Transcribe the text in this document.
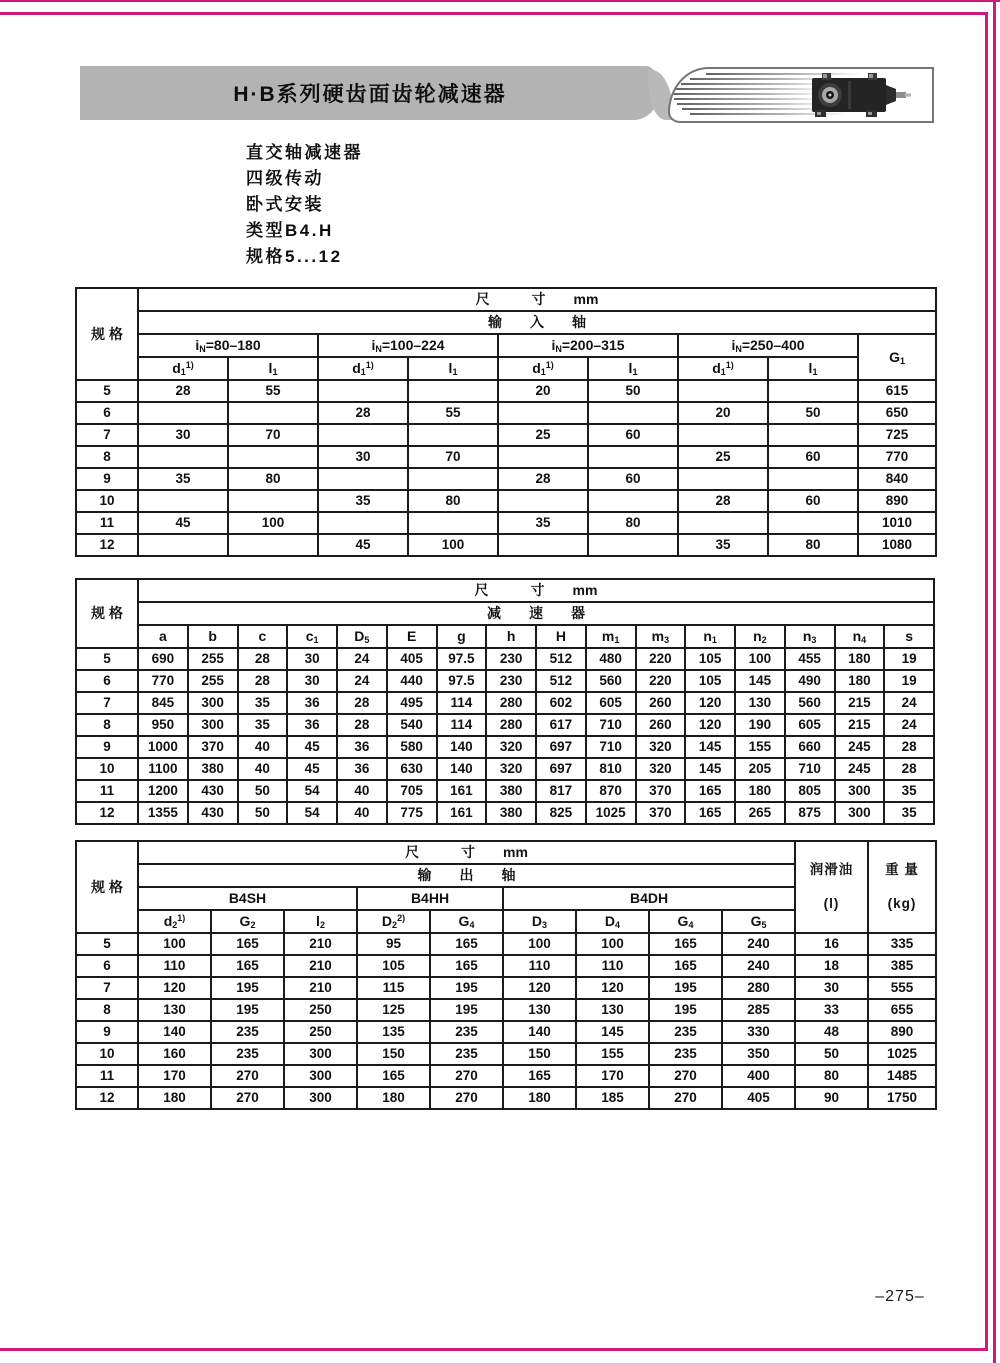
H·B系列硬齿面齿轮减速器
直交轴减速器
四级传动
卧式安装
类型B4.H
规格5...12
规 格	尺　　　寸　　mm								
	输　　入　　轴								
	$i_N=80-180$		$i_N=100-224$		$i_N=200-315$		$i_N=250-400$		$G_1$
	$d_1^{1)}$	$l_1$	$d_1^{1)}$	$l_1$	$d_1^{1)}$	$l_1$	$d_1^{1)}$	$l_1$
5	28	55			20	50			615
6			28	55			20	50	650
7	30	70			25	60			725
8			30	70			25	60	770
9	35	80			28	60			840
10			35	80			28	60	890
11	45	100			35	80			1010
12			45	100			35	80	1080
规 格	尺　　　寸　　mm															
	减　　速　　器															
	a	b	c	$c_1$	$D_5$	E	g	h	H	$m_1$	$m_3$	$n_1$	$n_2$	$n_3$	$n_4$	s
5	690	255	28	30	24	405	97.5	230	512	480	220	105	100	455	180	19
6	770	255	28	30	24	440	97.5	230	512	560	220	105	145	490	180	19
7	845	300	35	36	28	495	114	280	602	605	260	120	130	560	215	24
8	950	300	35	36	28	540	114	280	617	710	260	120	190	605	215	24
9	1000	370	40	45	36	580	140	320	697	710	320	145	155	660	245	28
10	1100	380	40	45	36	630	140	320	697	810	320	145	205	710	245	28
11	1200	430	50	54	40	705	161	380	817	870	370	165	180	805	300	35
12	1355	430	50	54	40	775	161	380	825	1025	370	165	265	875	300	35
规 格	尺　　　寸　　mm	
润滑油
(l)

重 量
(kg)

	输　　出　　轴										
	B4SH			B4HH		B4DH					
	$d_2^{1)}$	$G_2$	$l_2$	$D_2^{2)}$	$G_4$	$D_3$	$D_4$	$G_4$	$G_5$
5	100	165	210	95	165	100	100	165	240	16	335
6	110	165	210	105	165	110	110	165	240	18	385
7	120	195	210	115	195	120	120	195	280	30	555
8	130	195	250	125	195	130	130	195	285	33	655
9	140	235	250	135	235	140	145	235	330	48	890
10	160	235	300	150	235	150	155	235	350	50	1025
11	170	270	300	165	270	165	170	270	400	80	1485
12	180	270	300	180	270	180	185	270	405	90	1750
–275–
